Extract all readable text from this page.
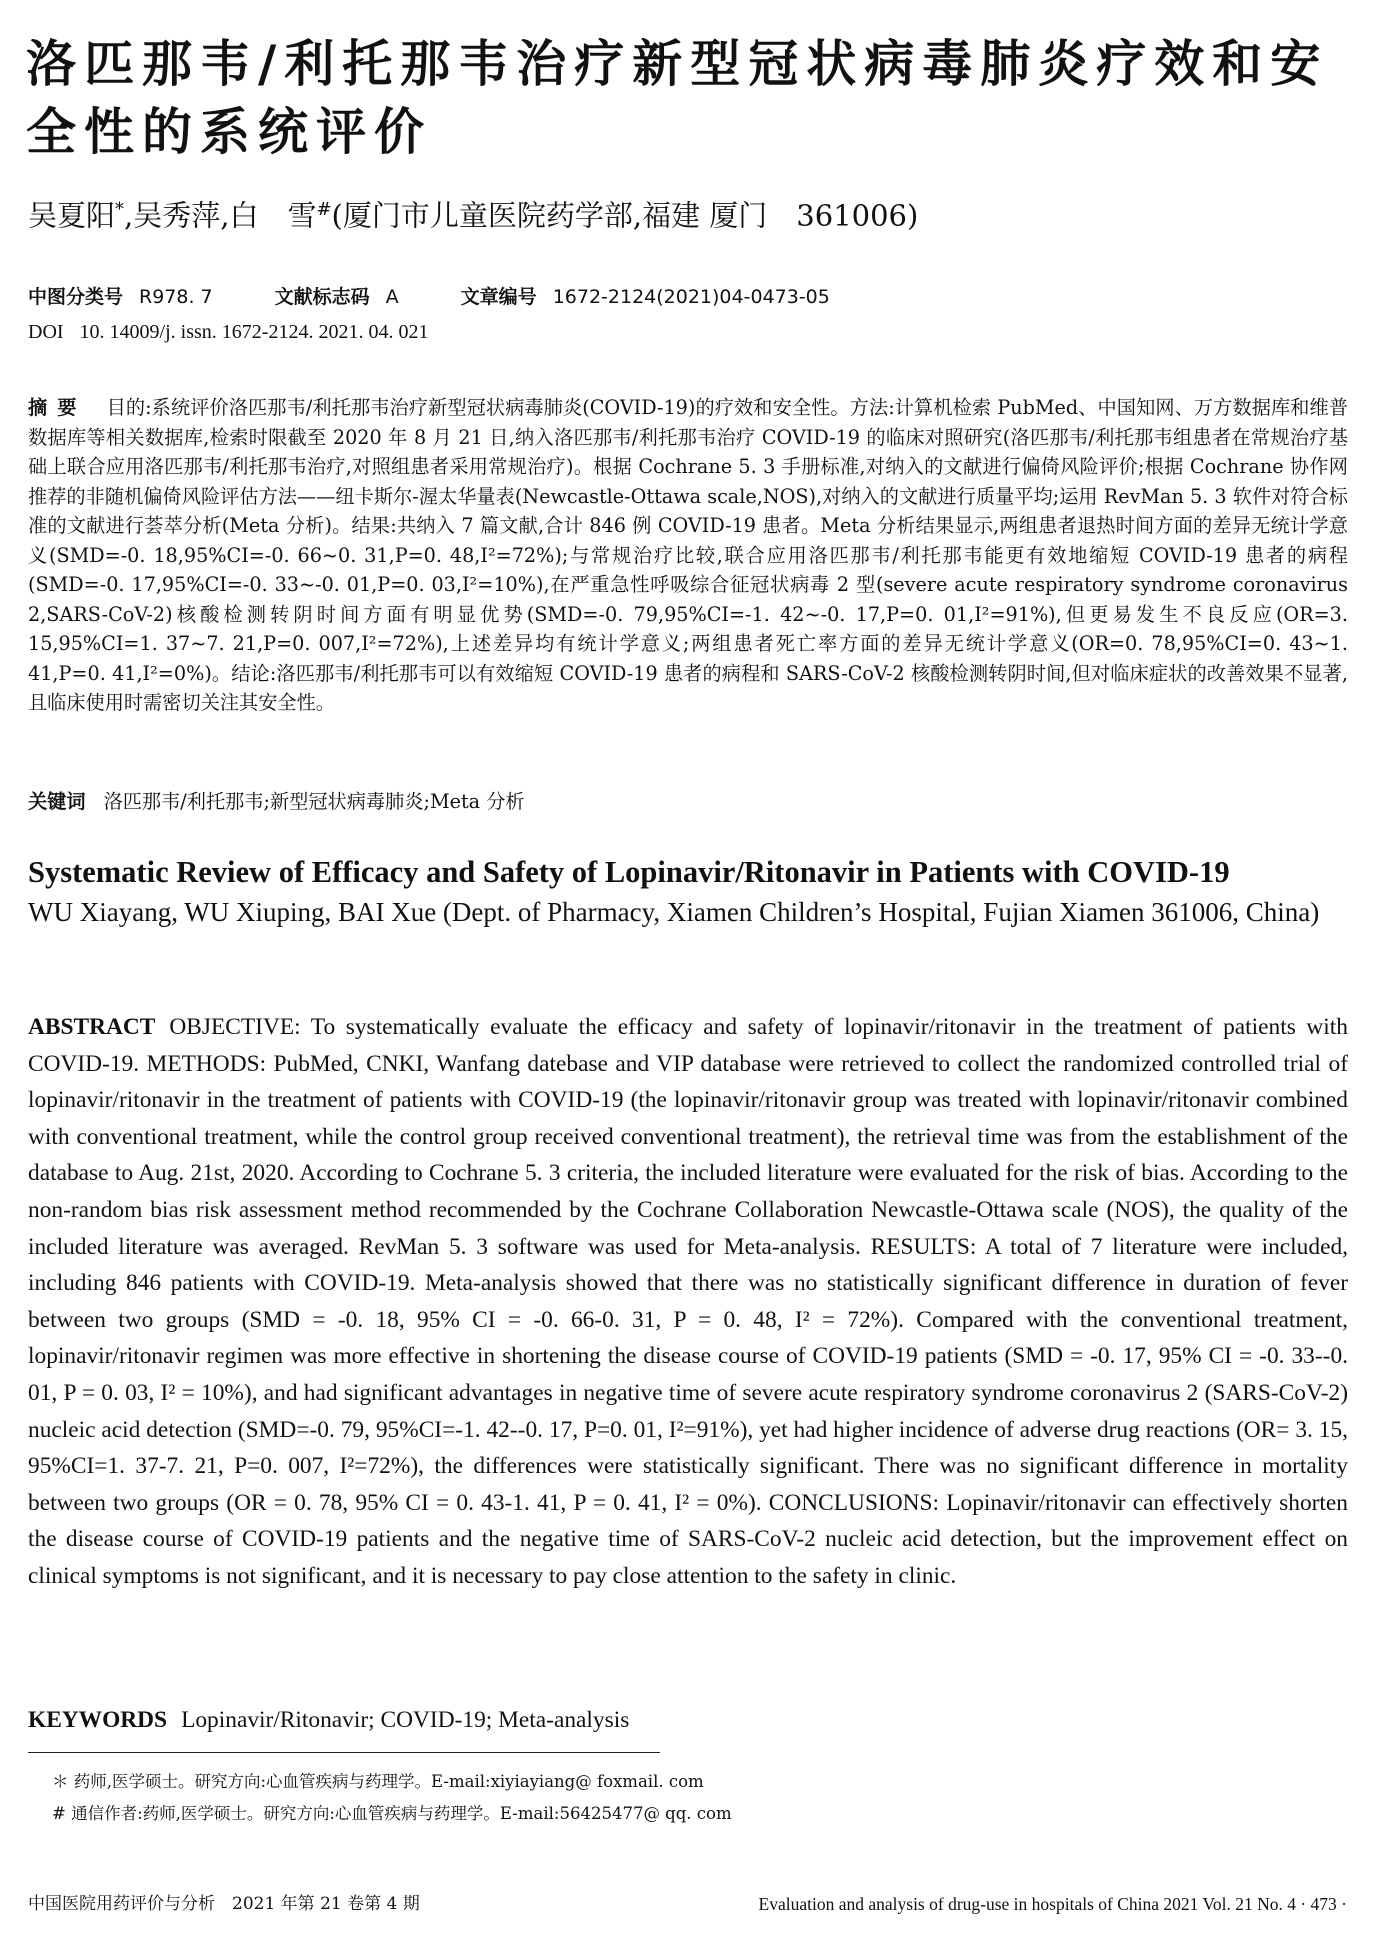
洛匹那韦/利托那韦治疗新型冠状病毒肺炎疗效和安全性的系统评价
吴夏阳*,吴秀萍,白　雪#(厦门市儿童医院药学部,福建 厦门　361006)
中图分类号 R978. 7	文献标志码 A	文章编号 1672-2124(2021)04-0473-05
DOI 10. 14009/j. issn. 1672-2124. 2021. 04. 021

摘要 目的:系统评价洛匹那韦/利托那韦治疗新型冠状病毒肺炎(COVID-19)的疗效和安全性。方法:计算机检索 PubMed、中国知网、万方数据库和维普数据库等相关数据库,检索时限截至 2020 年 8 月 21 日,纳入洛匹那韦/利托那韦治疗 COVID-19 的临床对照研究(洛匹那韦/利托那韦组患者在常规治疗基础上联合应用洛匹那韦/利托那韦治疗,对照组患者采用常规治疗)。根据 Cochrane 5. 3 手册标准,对纳入的文献进行偏倚风险评价;根据 Cochrane 协作网推荐的非随机偏倚风险评估方法——纽卡斯尔-渥太华量表(Newcastle-Ottawa scale,NOS),对纳入的文献进行质量平均;运用 RevMan 5. 3 软件对符合标准的文献进行荟萃分析(Meta 分析)。结果:共纳入 7 篇文献,合计 846 例 COVID-19 患者。Meta 分析结果显示,两组患者退热时间方面的差异无统计学意义(SMD=-0. 18,95%CI=-0. 66~0. 31,P=0. 48,I²=72%);与常规治疗比较,联合应用洛匹那韦/利托那韦能更有效地缩短 COVID-19 患者的病程(SMD=-0. 17,95%CI=-0. 33~-0. 01,P=0. 03,I²=10%),在严重急性呼吸综合征冠状病毒 2 型(severe acute respiratory syndrome coronavirus 2,SARS-CoV-2)核酸检测转阴时间方面有明显优势(SMD=-0. 79,95%CI=-1. 42~-0. 17,P=0. 01,I²=91%),但更易发生不良反应(OR=3. 15,95%CI=1. 37~7. 21,P=0. 007,I²=72%),上述差异均有统计学意义;两组患者死亡率方面的差异无统计学意义(OR=0. 78,95%CI=0. 43~1. 41,P=0. 41,I²=0%)。结论:洛匹那韦/利托那韦可以有效缩短 COVID-19 患者的病程和 SARS-CoV-2 核酸检测转阴时间,但对临床症状的改善效果不显著,且临床使用时需密切关注其安全性。

关键词 洛匹那韦/利托那韦;新型冠状病毒肺炎;Meta 分析
Systematic Review of Efficacy and Safety of Lopinavir/Ritonavir in Patients with COVID-19
WU Xiayang, WU Xiuping, BAI Xue (Dept. of Pharmacy, Xiamen Children’s Hospital, Fujian Xiamen 361006, China)

ABSTRACT OBJECTIVE: To systematically evaluate the efficacy and safety of lopinavir/ritonavir in the treatment of patients with COVID-19. METHODS: PubMed, CNKI, Wanfang datebase and VIP database were retrieved to collect the randomized controlled trial of lopinavir/ritonavir in the treatment of patients with COVID-19 (the lopinavir/ritonavir group was treated with lopinavir/ritonavir combined with conventional treatment, while the control group received conventional treatment), the retrieval time was from the establishment of the database to Aug. 21st, 2020. According to Cochrane 5. 3 criteria, the included literature were evaluated for the risk of bias. According to the non-random bias risk assessment method recommended by the Cochrane Collaboration Newcastle-Ottawa scale (NOS), the quality of the included literature was averaged. RevMan 5. 3 software was used for Meta-analysis. RESULTS: A total of 7 literature were included, including 846 patients with COVID-19. Meta-analysis showed that there was no statistically significant difference in duration of fever between two groups (SMD = -0. 18, 95% CI = -0. 66-0. 31, P = 0. 48, I² = 72%). Compared with the conventional treatment, lopinavir/ritonavir regimen was more effective in shortening the disease course of COVID-19 patients (SMD = -0. 17, 95% CI = -0. 33--0. 01, P = 0. 03, I² = 10%), and had significant advantages in negative time of severe acute respiratory syndrome coronavirus 2 (SARS-CoV-2) nucleic acid detection (SMD=-0. 79, 95%CI=-1. 42--0. 17, P=0. 01, I²=91%), yet had higher incidence of adverse drug reactions (OR= 3. 15, 95%CI=1. 37-7. 21, P=0. 007, I²=72%), the differences were statistically significant. There was no significant difference in mortality between two groups (OR = 0. 78, 95% CI = 0. 43-1. 41, P = 0. 41, I² = 0%). CONCLUSIONS: Lopinavir/ritonavir can effectively shorten the disease course of COVID-19 patients and the negative time of SARS-CoV-2 nucleic acid detection, but the improvement effect on clinical symptoms is not significant, and it is necessary to pay close attention to the safety in clinic.

KEYWORDS Lopinavir/Ritonavir; COVID-19; Meta-analysis
＊ 药师,医学硕士。研究方向:心血管疾病与药理学。E-mail:xiyiayiang@ foxmail. com
# 通信作者:药师,医学硕士。研究方向:心血管疾病与药理学。E-mail:56425477@ qq. com
中国医院用药评价与分析　2021 年第 21 卷第 4 期	Evaluation and analysis of drug-use in hospitals of China 2021 Vol. 21 No. 4 · 473 ·
